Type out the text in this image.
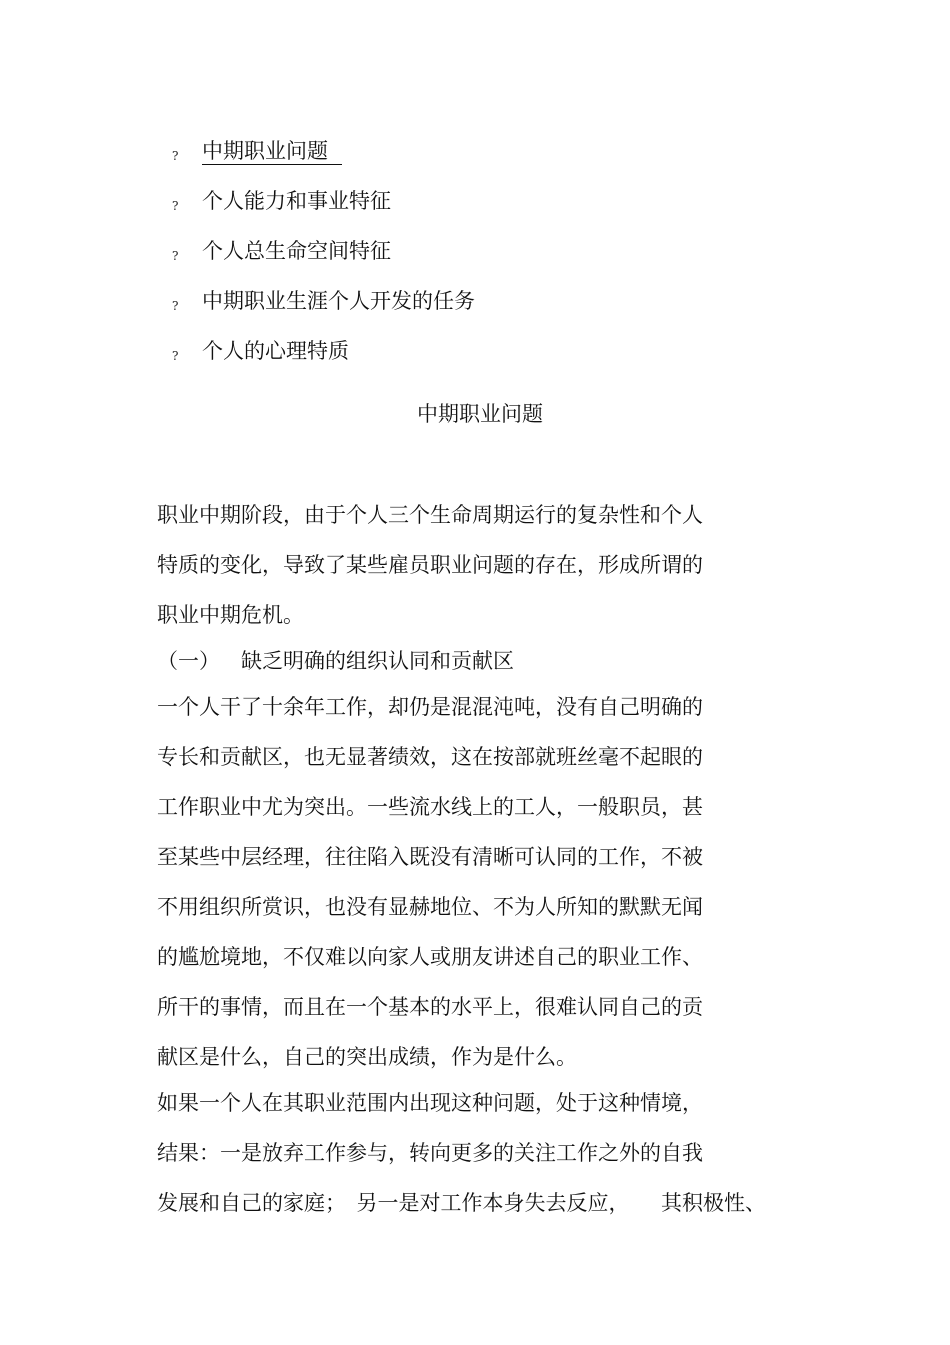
?	中期职业问题
?	个人能力和事业特征
?	个人总生命空间特征
?	中期职业生涯个人开发的任务
?	个人的心理特质
中期职业问题
职业中期阶段，由于个人三个生命周期运行的复杂性和个人
特质的变化，导致了某些雇员职业问题的存在，形成所谓的
职业中期危机。
（一） 缺乏明确的组织认同和贡献区
一个人干了十余年工作，却仍是混混沌吨，没有自己明确的
专长和贡献区，也无显著绩效，这在按部就班丝毫不起眼的
工作职业中尤为突出。一些流水线上的工人，一般职员，甚
至某些中层经理，往往陷入既没有清晰可认同的工作，不被
不用组织所赏识，也没有显赫地位、不为人所知的默默无闻
的尴尬境地，不仅难以向家人或朋友讲述自己的职业工作、
所干的事情，而且在一个基本的水平上，很难认同自己的贡
献区是什么，自己的突出成绩，作为是什么。
如果一个人在其职业范围内出现这种问题，处于这种情境，
结果：一是放弃工作参与，转向更多的关注工作之外的自我
发展和自己的家庭；　另一是对工作本身失去反应，　　其积极性、
